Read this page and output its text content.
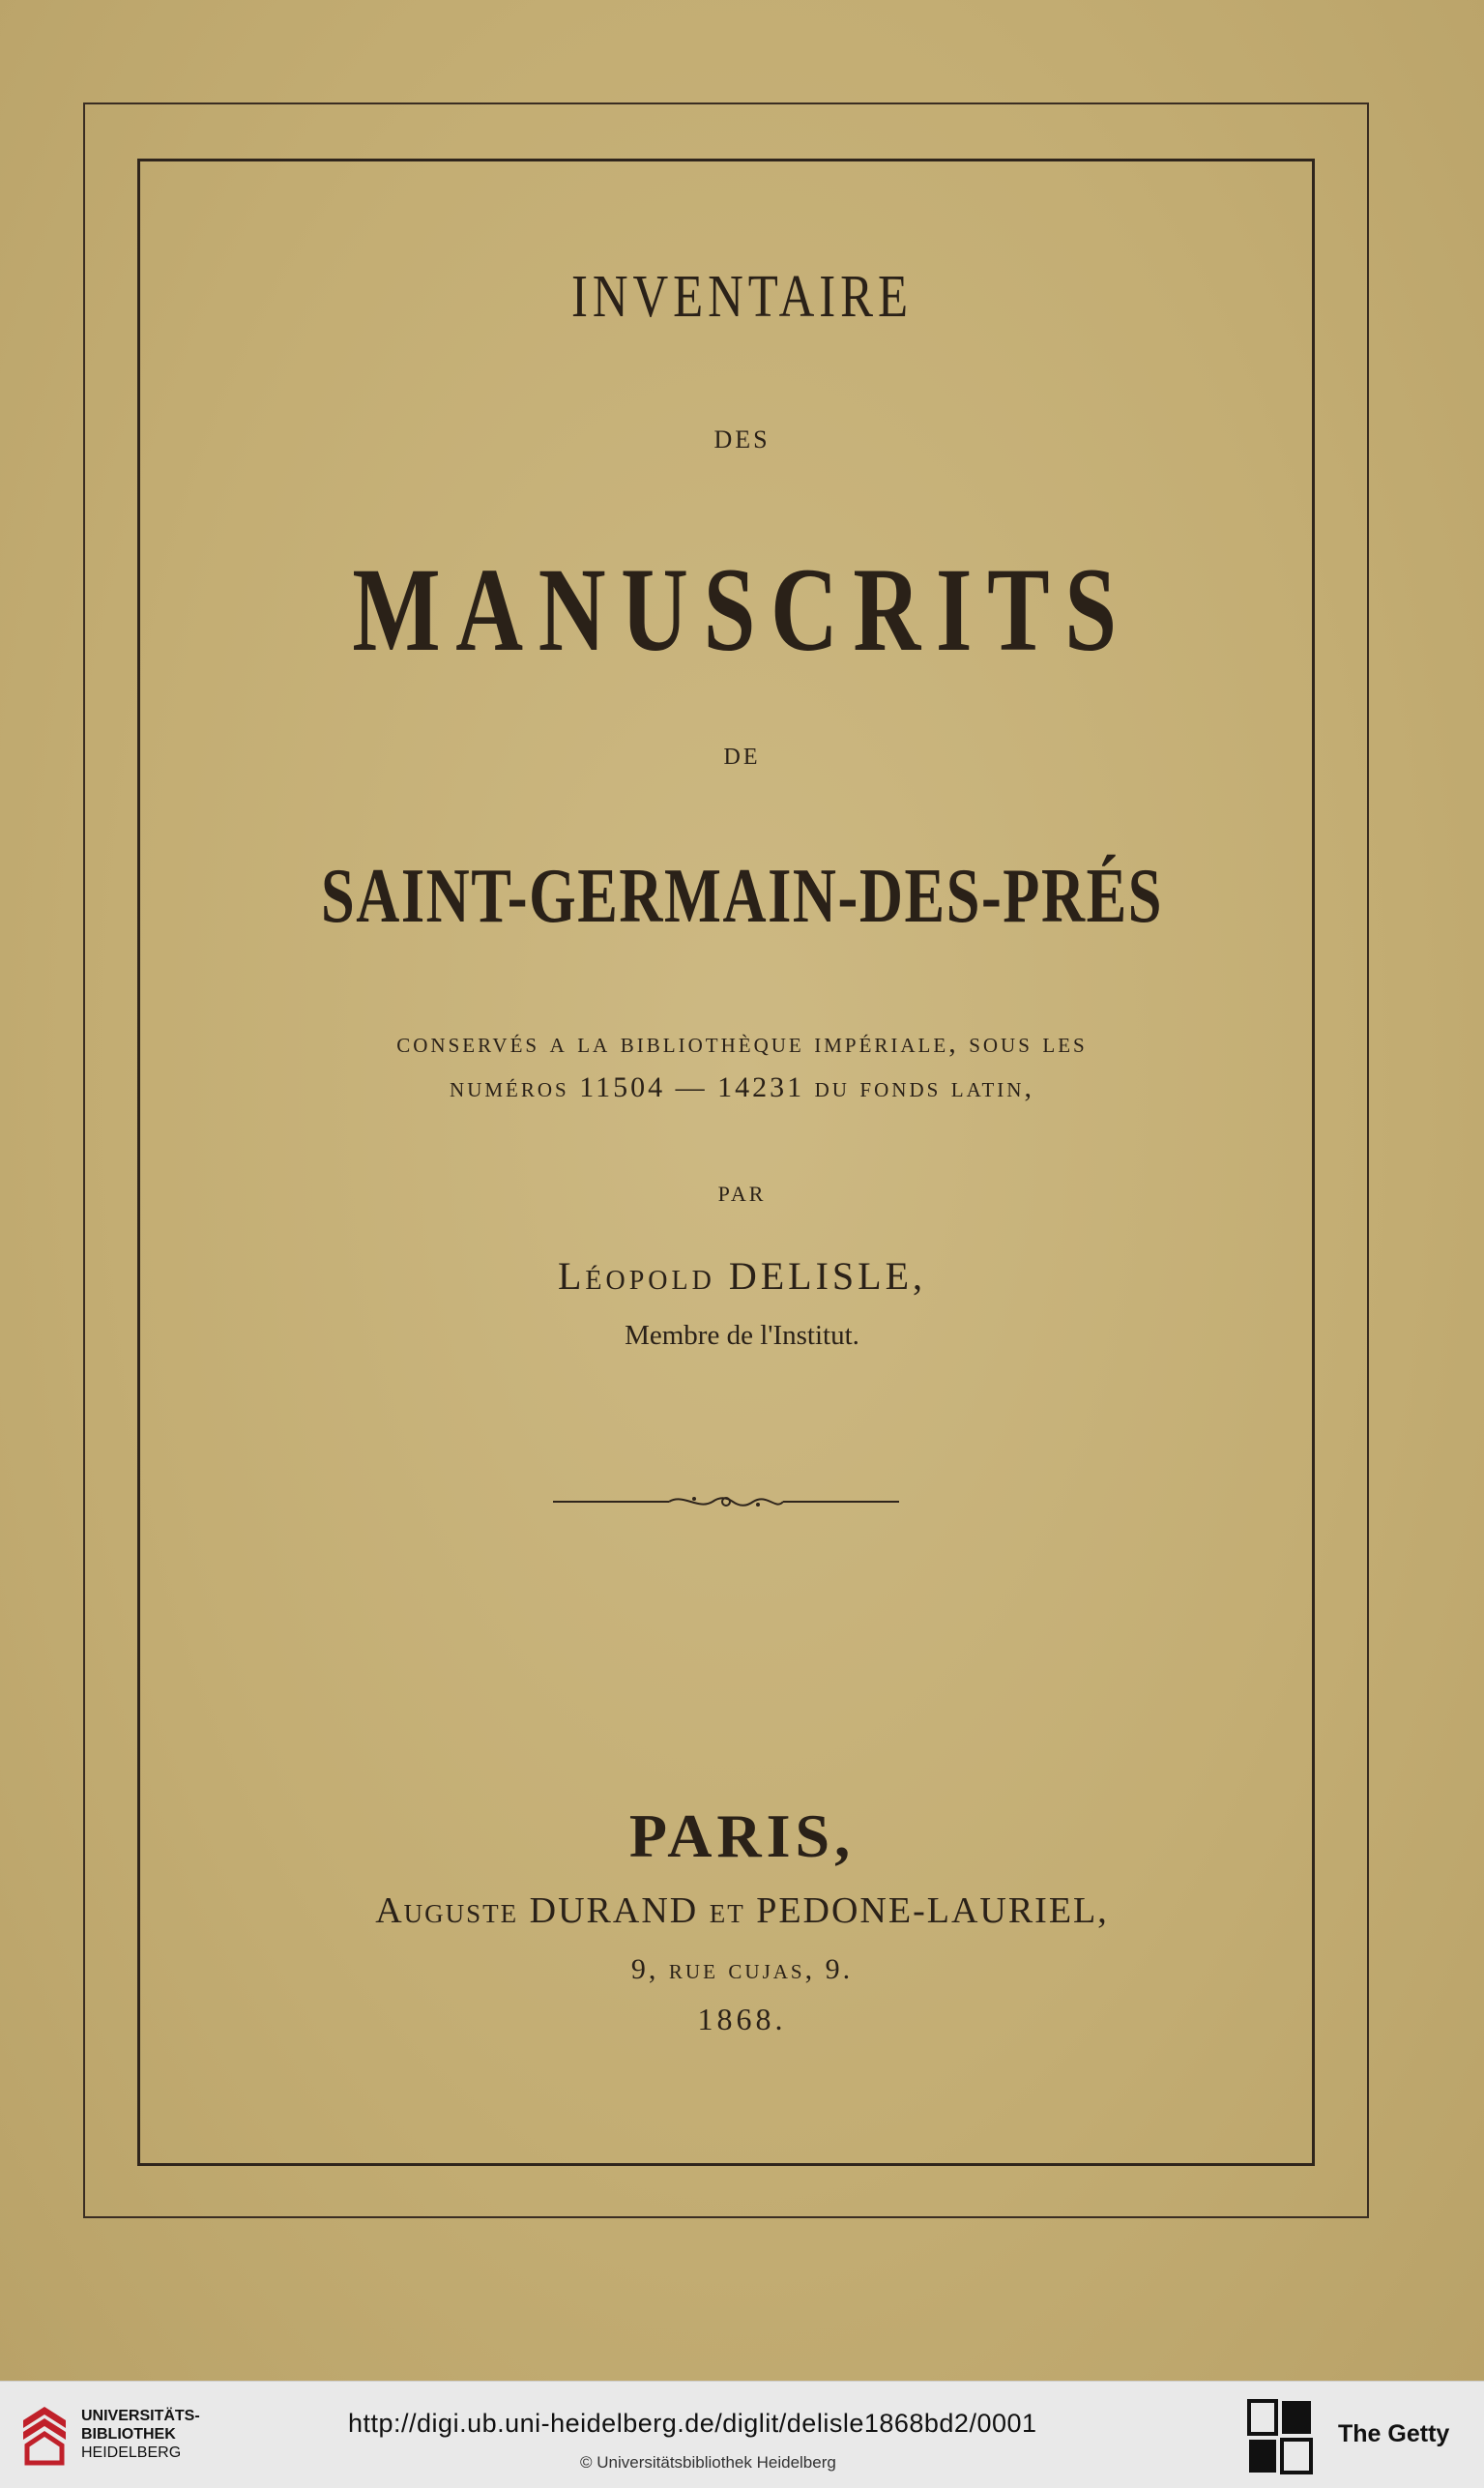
INVENTAIRE
DES
MANUSCRITS
DE
SAINT-GERMAIN-DES-PRÉS
conservés a la bibliothèque impériale, sous les
numéros 11504 — 14231 du fonds latin,
PAR
Léopold DELISLE,
Membre de l'Institut.
PARIS,
Auguste DURAND et PEDONE-LAURIEL,
9, rue cujas, 9.
1868.
UNIVERSITÄTS-
BIBLIOTHEK
HEIDELBERG
http://digi.ub.uni-heidelberg.de/diglit/delisle1868bd2/0001
© Universitätsbibliothek Heidelberg
The Getty
